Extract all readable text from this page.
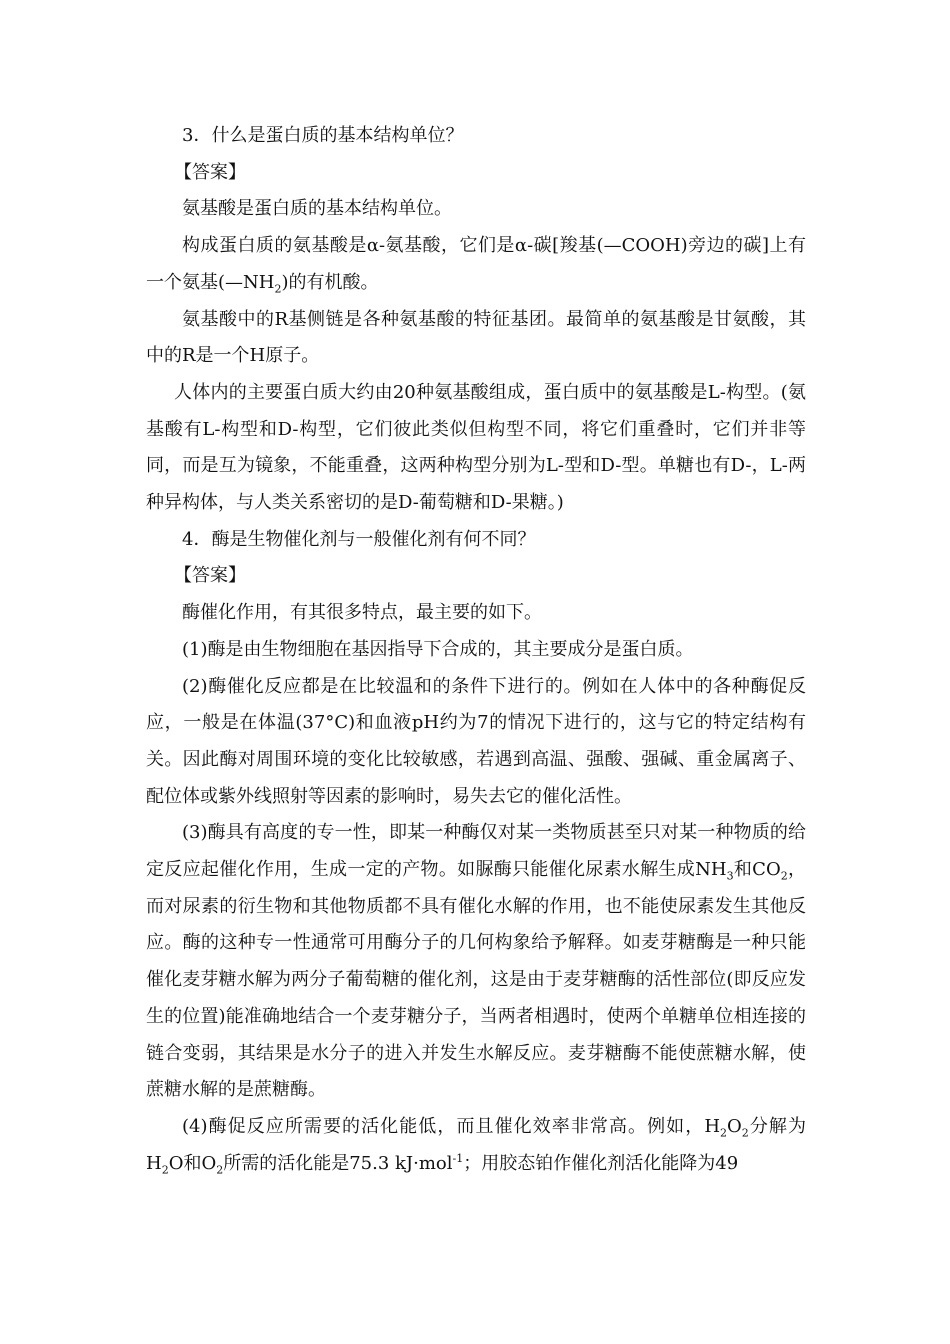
3．什么是蛋白质的基本结构单位？

【答案】

氨基酸是蛋白质的基本结构单位。

构成蛋白质的氨基酸是α-氨基酸，它们是α-碳[羧基(—COOH)旁边的碳]上有一个氨基$(—NH_2)$的有机酸。

氨基酸中的R基侧链是各种氨基酸的特征基团。最简单的氨基酸是甘氨酸，其中的R是一个H原子。

人体内的主要蛋白质大约由20种氨基酸组成，蛋白质中的氨基酸是L-构型。(氨基酸有L-构型和D-构型，它们彼此类似但构型不同，将它们重叠时，它们并非等同，而是互为镜象，不能重叠，这两种构型分别为L-型和D-型。单糖也有D-，L-两种异构体，与人类关系密切的是D-葡萄糖和D-果糖。)

4．酶是生物催化剂与一般催化剂有何不同？

【答案】

酶催化作用，有其很多特点，最主要的如下。

(1)酶是由生物细胞在基因指导下合成的，其主要成分是蛋白质。

(2)酶催化反应都是在比较温和的条件下进行的。例如在人体中的各种酶促反应，一般是在体温(37°C)和血液pH约为7的情况下进行的，这与它的特定结构有关。因此酶对周围环境的变化比较敏感，若遇到高温、强酸、强碱、重金属离子、配位体或紫外线照射等因素的影响时，易失去它的催化活性。

(3)酶具有高度的专一性，即某一种酶仅对某一类物质甚至只对某一种物质的给定反应起催化作用，生成一定的产物。如脲酶只能催化尿素水解生成$NH_3$和$CO_2$，而对尿素的衍生物和其他物质都不具有催化水解的作用，也不能使尿素发生其他反应。酶的这种专一性通常可用酶分子的几何构象给予解释。如麦芽糖酶是一种只能催化麦芽糖水解为两分子葡萄糖的催化剂，这是由于麦芽糖酶的活性部位(即反应发生的位置)能准确地结合一个麦芽糖分子，当两者相遇时，使两个单糖单位相连接的链合变弱，其结果是水分子的进入并发生水解反应。麦芽糖酶不能使蔗糖水解，使蔗糖水解的是蔗糖酶。

(4)酶促反应所需要的活化能低，而且催化效率非常高。例如，$H_2O_2$分解为$H_2O$和$O_2$所需的活化能是75.3 kJ·mol$^{-1}$；用胶态铂作催化剂活化能降为49
